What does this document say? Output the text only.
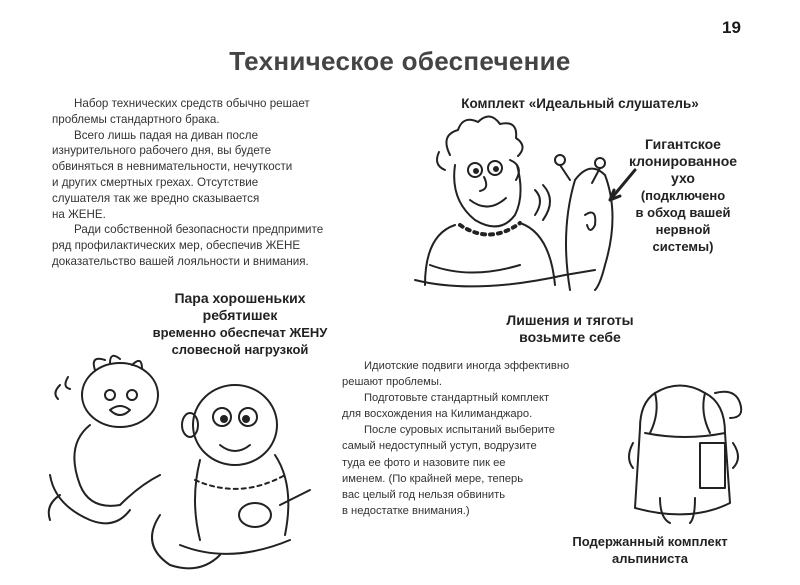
19
Техническое обеспечение

Набор технических средств обычно решает
проблемы стандартного брака.

Всего лишь падая на диван после
изнурительного рабочего дня, вы будете
обвиняться в невнимательности, нечуткости
и других смертных грехах. Отсутствие
слушателя так же вредно сказывается
на ЖЕНЕ.

Ради собственной безопасности предпримите
ряд профилактических мер, обеспечив ЖЕНЕ
доказательство вашей лояльности и внимания.

Комплект «Идеальный слушатель»
Гигантское
клонированное
ухо
(подключено
в обход вашей
нервной
системы)
Пара хорошеньких
ребятишек
временно обеспечат ЖЕНУ
словесной нагрузкой
Лишения и тяготы
возьмите себе

Идиотские подвиги иногда эффективно
решают проблемы.

Подготовьте стандартный комплект
для восхождения на Килиманджаро.

После суровых испытаний выберите
самый недоступный уступ, водрузите
туда ее фото и назовите пик ее
именем. (По крайней мере, теперь
вас целый год нельзя обвинить
в недостатке внимания.)

Подержанный комплект
альпиниста
